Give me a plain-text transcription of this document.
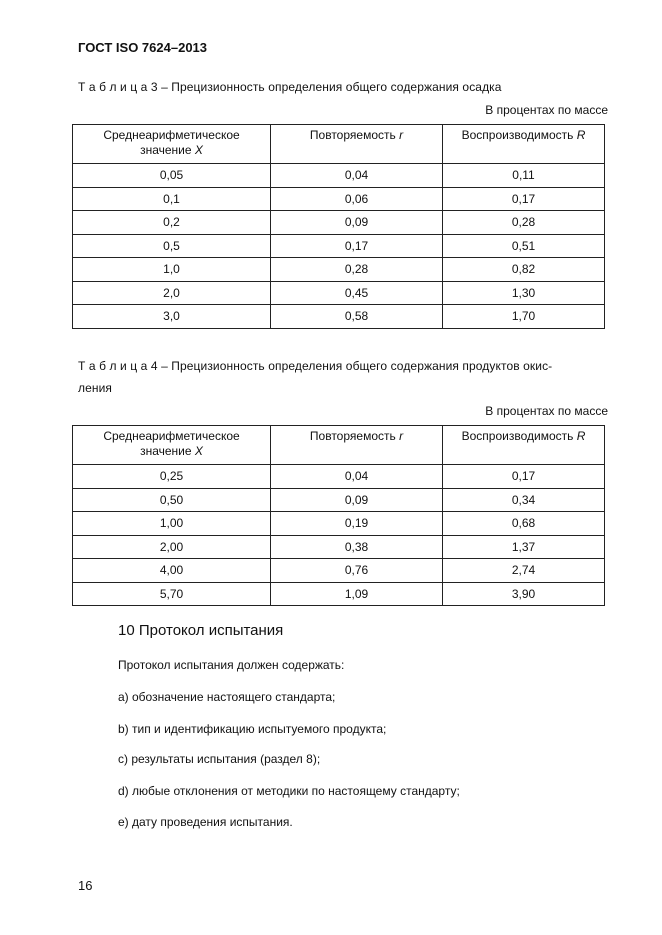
ГОСТ ISO 7624–2013
Т а б л и ц а 3 – Прецизионность определения общего содержания осадка
В процентах по массе
Среднеарифметическое
значение X	Повторяемость r	Воспроизводимость R
0,05	0,04	0,11
0,1	0,06	0,17
0,2	0,09	0,28
0,5	0,17	0,51
1,0	0,28	0,82
2,0	0,45	1,30
3,0	0,58	1,70
Т а б л и ц а 4 – Прецизионность определения общего содержания продуктов окис-
ления
В процентах по массе
Среднеарифметическое
значение X	Повторяемость r	Воспроизводимость R
0,25	0,04	0,17
0,50	0,09	0,34
1,00	0,19	0,68
2,00	0,38	1,37
4,00	0,76	2,74
5,70	1,09	3,90
10 Протокол испытания
Протокол испытания должен содержать:
а) обозначение настоящего стандарта;
b) тип и идентификацию испытуемого продукта;
с) результаты испытания (раздел 8);
d) любые отклонения от методики по настоящему стандарту;
е) дату проведения испытания.
16
